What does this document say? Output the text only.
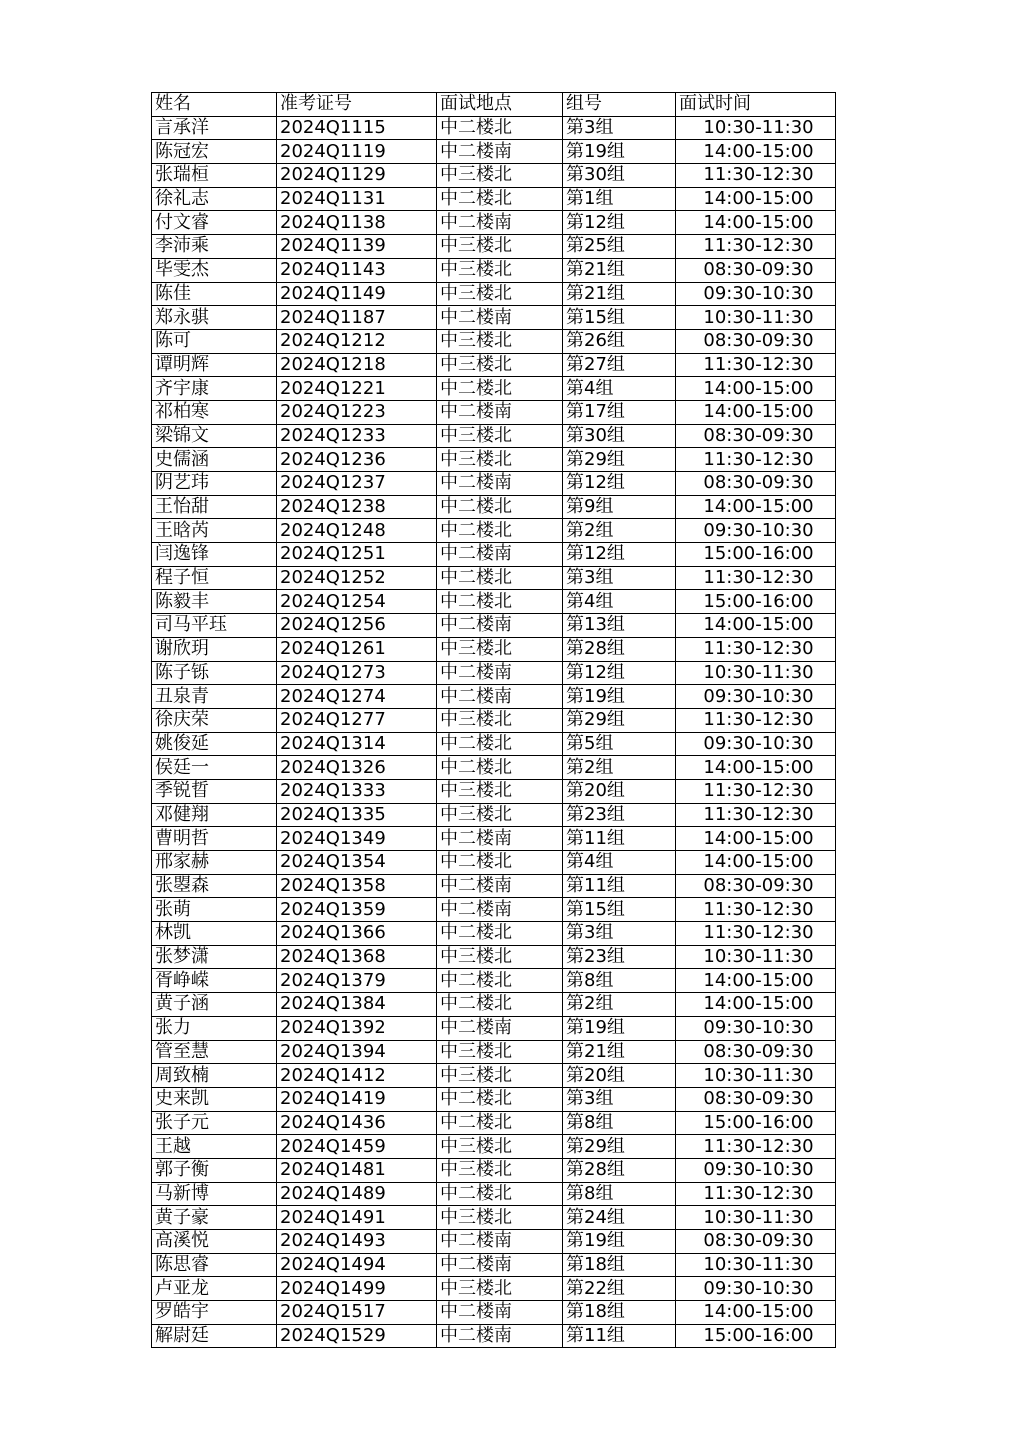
姓名	准考证号	面试地点	组号	面试时间
言承洋	2024Q1115	中二楼北	第3组	10:30-11:30
陈冠宏	2024Q1119	中二楼南	第19组	14:00-15:00
张瑞桓	2024Q1129	中三楼北	第30组	11:30-12:30
徐礼志	2024Q1131	中二楼北	第1组	14:00-15:00
付文睿	2024Q1138	中二楼南	第12组	14:00-15:00
李沛乘	2024Q1139	中三楼北	第25组	11:30-12:30
毕雯杰	2024Q1143	中三楼北	第21组	08:30-09:30
陈佳	2024Q1149	中三楼北	第21组	09:30-10:30
郑永骐	2024Q1187	中二楼南	第15组	10:30-11:30
陈可	2024Q1212	中三楼北	第26组	08:30-09:30
谭明辉	2024Q1218	中三楼北	第27组	11:30-12:30
齐宇康	2024Q1221	中二楼北	第4组	14:00-15:00
祁柏寒	2024Q1223	中二楼南	第17组	14:00-15:00
梁锦文	2024Q1233	中三楼北	第30组	08:30-09:30
史儒涵	2024Q1236	中三楼北	第29组	11:30-12:30
阴艺玮	2024Q1237	中二楼南	第12组	08:30-09:30
王怡甜	2024Q1238	中二楼北	第9组	14:00-15:00
王晗芮	2024Q1248	中二楼北	第2组	09:30-10:30
闫逸锋	2024Q1251	中二楼南	第12组	15:00-16:00
程子恒	2024Q1252	中二楼北	第3组	11:30-12:30
陈毅丰	2024Q1254	中二楼北	第4组	15:00-16:00
司马平珏	2024Q1256	中二楼南	第13组	14:00-15:00
谢欣玥	2024Q1261	中三楼北	第28组	11:30-12:30
陈子铄	2024Q1273	中二楼南	第12组	10:30-11:30
丑泉青	2024Q1274	中二楼南	第19组	09:30-10:30
徐庆荣	2024Q1277	中三楼北	第29组	11:30-12:30
姚俊延	2024Q1314	中二楼北	第5组	09:30-10:30
侯廷一	2024Q1326	中二楼北	第2组	14:00-15:00
季锐晢	2024Q1333	中三楼北	第20组	11:30-12:30
邓健翔	2024Q1335	中三楼北	第23组	11:30-12:30
曹明哲	2024Q1349	中二楼南	第11组	14:00-15:00
邢家赫	2024Q1354	中二楼北	第4组	14:00-15:00
张曌森	2024Q1358	中二楼南	第11组	08:30-09:30
张萌	2024Q1359	中二楼南	第15组	11:30-12:30
林凯	2024Q1366	中二楼北	第3组	11:30-12:30
张梦潇	2024Q1368	中三楼北	第23组	10:30-11:30
胥峥嵘	2024Q1379	中二楼北	第8组	14:00-15:00
黄子涵	2024Q1384	中二楼北	第2组	14:00-15:00
张力	2024Q1392	中二楼南	第19组	09:30-10:30
管至慧	2024Q1394	中三楼北	第21组	08:30-09:30
周致楠	2024Q1412	中三楼北	第20组	10:30-11:30
史来凯	2024Q1419	中二楼北	第3组	08:30-09:30
张子元	2024Q1436	中二楼北	第8组	15:00-16:00
王越	2024Q1459	中三楼北	第29组	11:30-12:30
郭子衡	2024Q1481	中三楼北	第28组	09:30-10:30
马新博	2024Q1489	中二楼北	第8组	11:30-12:30
黄子豪	2024Q1491	中三楼北	第24组	10:30-11:30
高溪悦	2024Q1493	中二楼南	第19组	08:30-09:30
陈思睿	2024Q1494	中二楼南	第18组	10:30-11:30
卢亚龙	2024Q1499	中三楼北	第22组	09:30-10:30
罗皓宇	2024Q1517	中二楼南	第18组	14:00-15:00
解尉廷	2024Q1529	中二楼南	第11组	15:00-16:00
